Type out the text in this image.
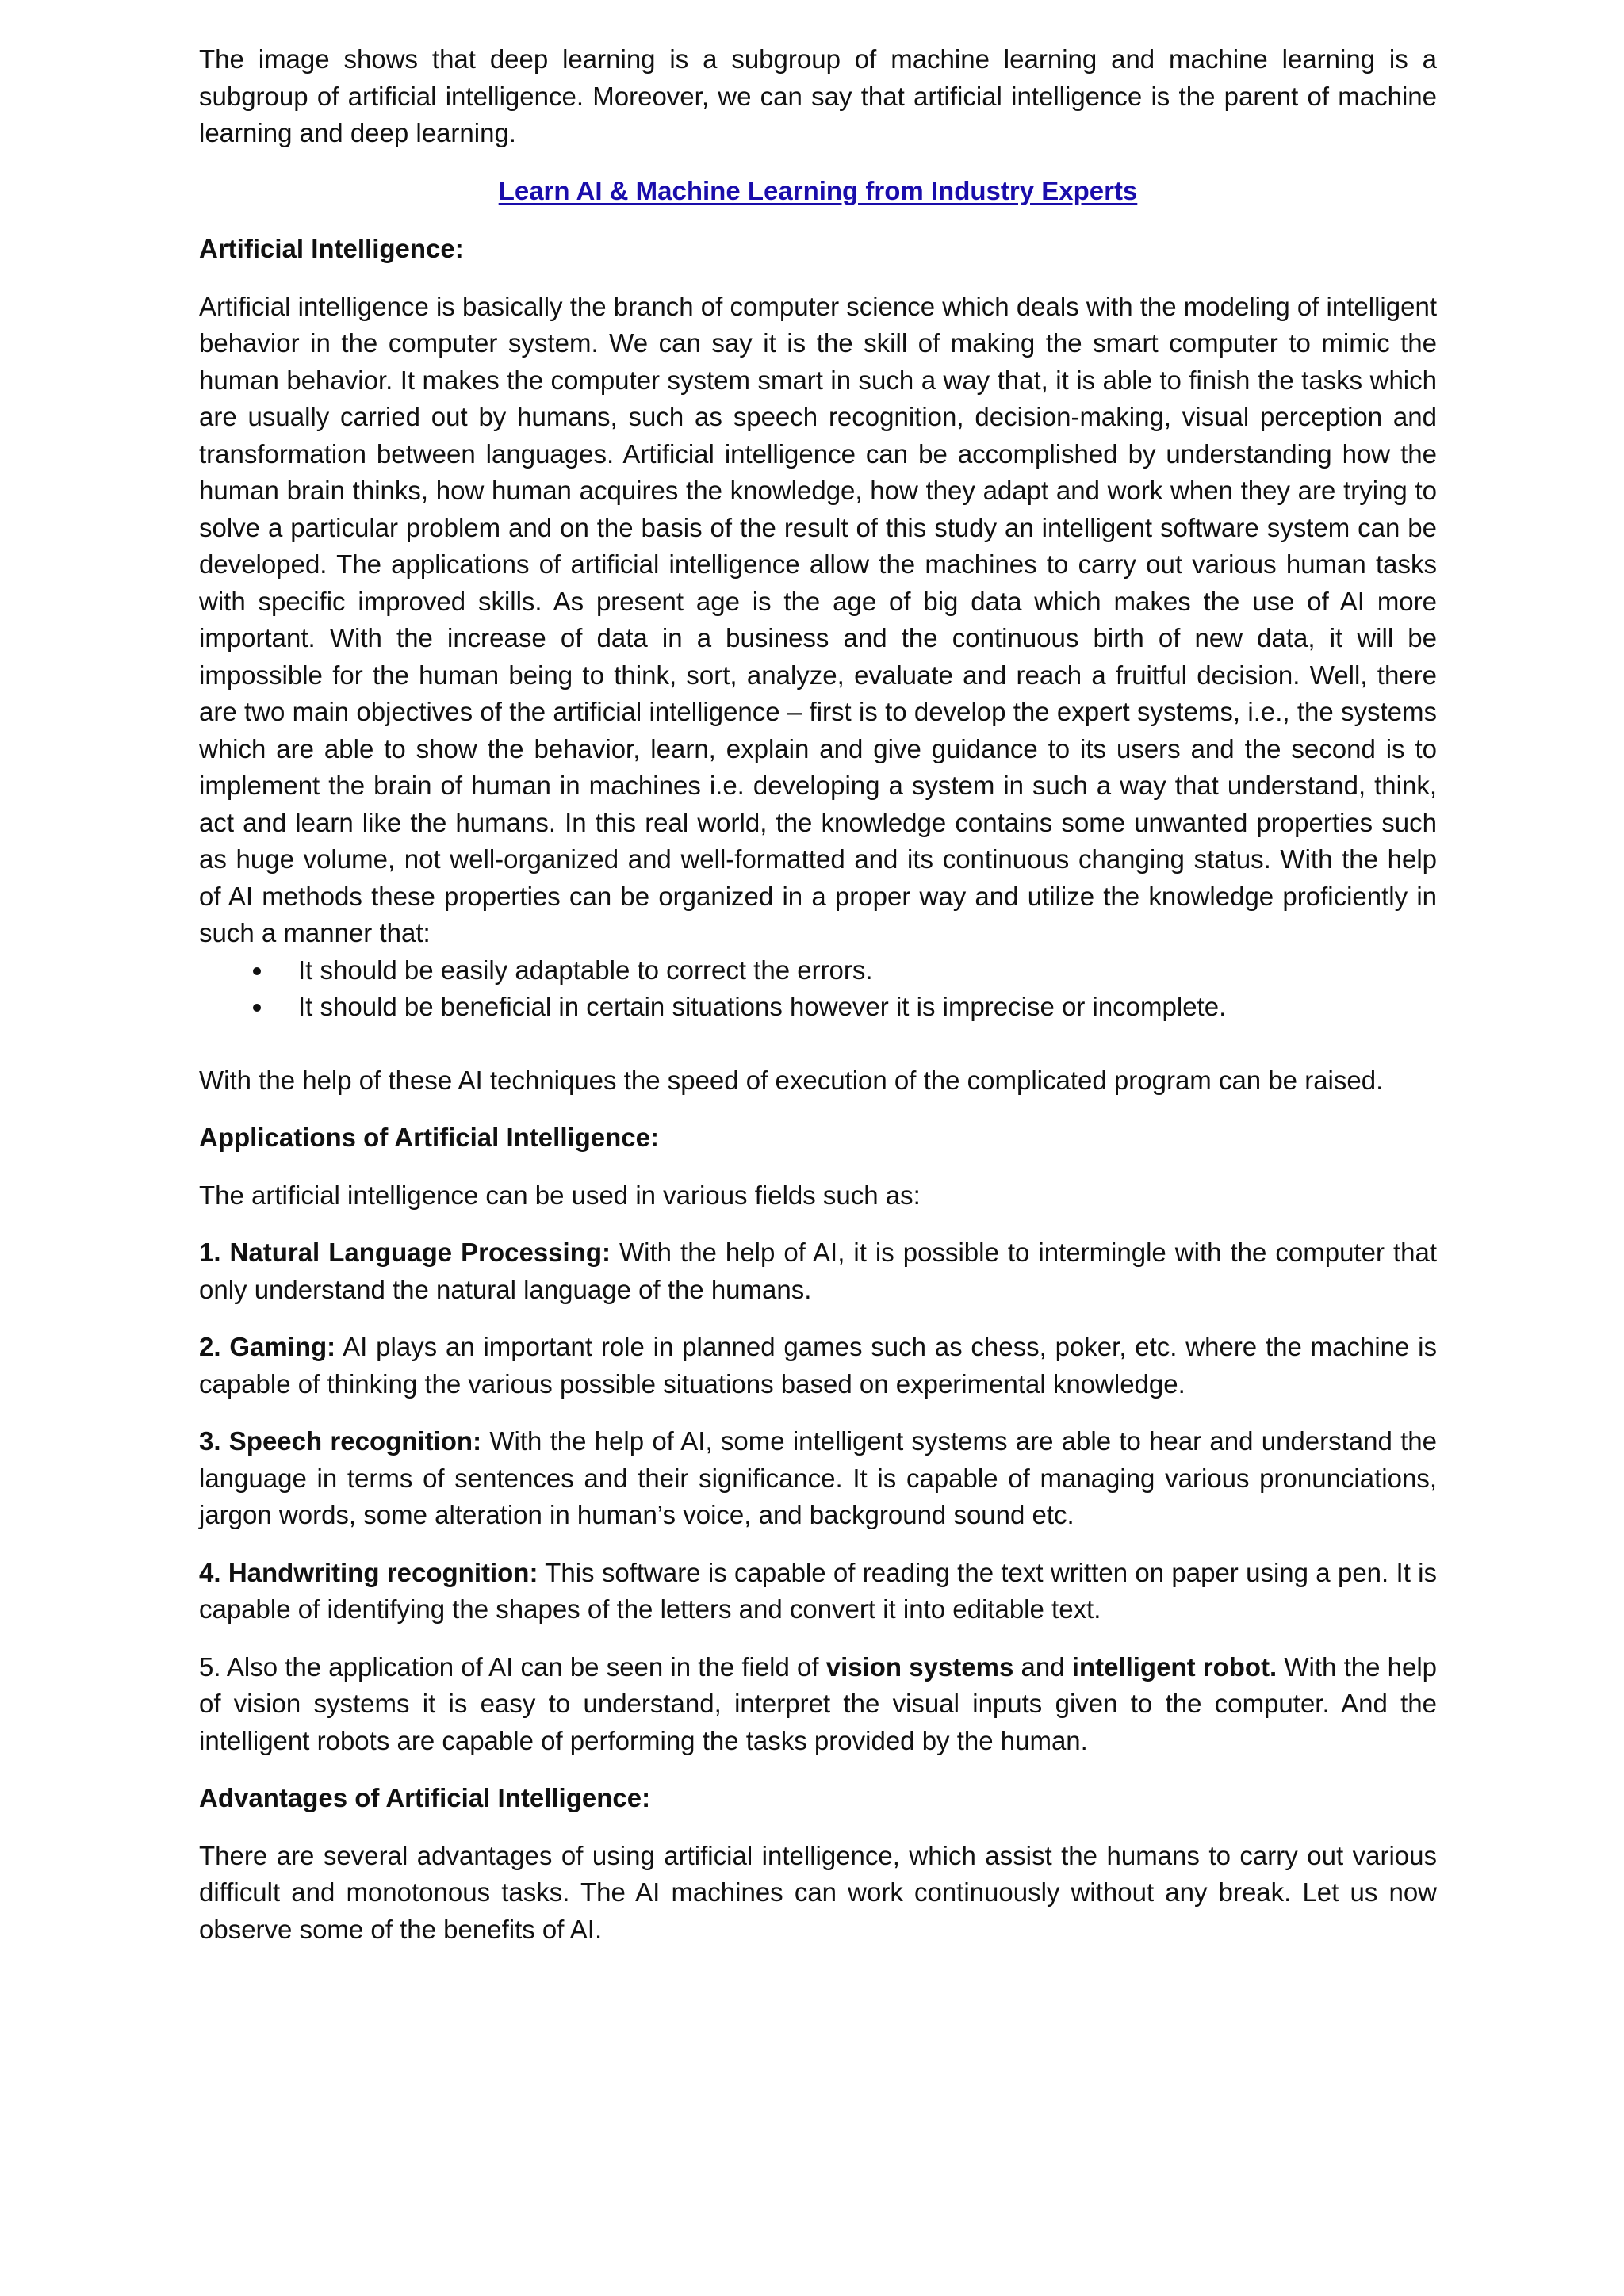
The image shows that deep learning is a subgroup of machine learning and machine learning is a subgroup of artificial intelligence. Moreover, we can say that artificial intelligence is the parent of machine learning and deep learning.

Learn AI & Machine Learning from Industry Experts

Artificial Intelligence:

Artificial intelligence is basically the branch of computer science which deals with the modeling of intelligent behavior in the computer system. We can say it is the skill of making the smart computer to mimic the human behavior. It makes the computer system smart in such a way that, it is able to finish the tasks which are usually carried out by humans, such as speech recognition, decision-making, visual perception and transformation between languages. Artificial intelligence can be accomplished by understanding how the human brain thinks, how human acquires the knowledge, how they adapt and work when they are trying to solve a particular problem and on the basis of the result of this study an intelligent software system can be developed. The applications of artificial intelligence allow the machines to carry out various human tasks with specific improved skills. As present age is the age of big data which makes the use of AI more important. With the increase of data in a business and the continuous birth of new data, it will be impossible for the human being to think, sort, analyze, evaluate and reach a fruitful decision. Well, there are two main objectives of the artificial intelligence – first is to develop the expert systems, i.e., the systems which are able to show the behavior, learn, explain and give guidance to its users and the second is to implement the brain of human in machines i.e. developing a system in such a way that understand, think, act and learn like the humans. In this real world, the knowledge contains some unwanted properties such as huge volume, not well-organized and well-formatted and its continuous changing status. With the help of AI methods these properties can be organized in a proper way and utilize the knowledge proficiently in such a manner that:

It should be easily adaptable to correct the errors.
It should be beneficial in certain situations however it is imprecise or incomplete.

With the help of these AI techniques the speed of execution of the complicated program can be raised.

Applications of Artificial Intelligence:

The artificial intelligence can be used in various fields such as:

1. Natural Language Processing: With the help of AI, it is possible to intermingle with the computer that only understand the natural language of the humans.

2. Gaming: AI plays an important role in planned games such as chess, poker, etc. where the machine is capable of thinking the various possible situations based on experimental knowledge.

3. Speech recognition: With the help of AI, some intelligent systems are able to hear and understand the language in terms of sentences and their significance. It is capable of managing various pronunciations, jargon words, some alteration in human’s voice, and background sound etc.

4. Handwriting recognition: This software is capable of reading the text written on paper using a pen. It is capable of identifying the shapes of the letters and convert it into editable text.

5. Also the application of AI can be seen in the field of vision systems and intelligent robot. With the help of vision systems it is easy to understand, interpret the visual inputs given to the computer. And the intelligent robots are capable of performing the tasks provided by the human.

Advantages of Artificial Intelligence:

There are several advantages of using artificial intelligence, which assist the humans to carry out various difficult and monotonous tasks. The AI machines can work continuously without any break. Let us now observe some of the benefits of AI.
